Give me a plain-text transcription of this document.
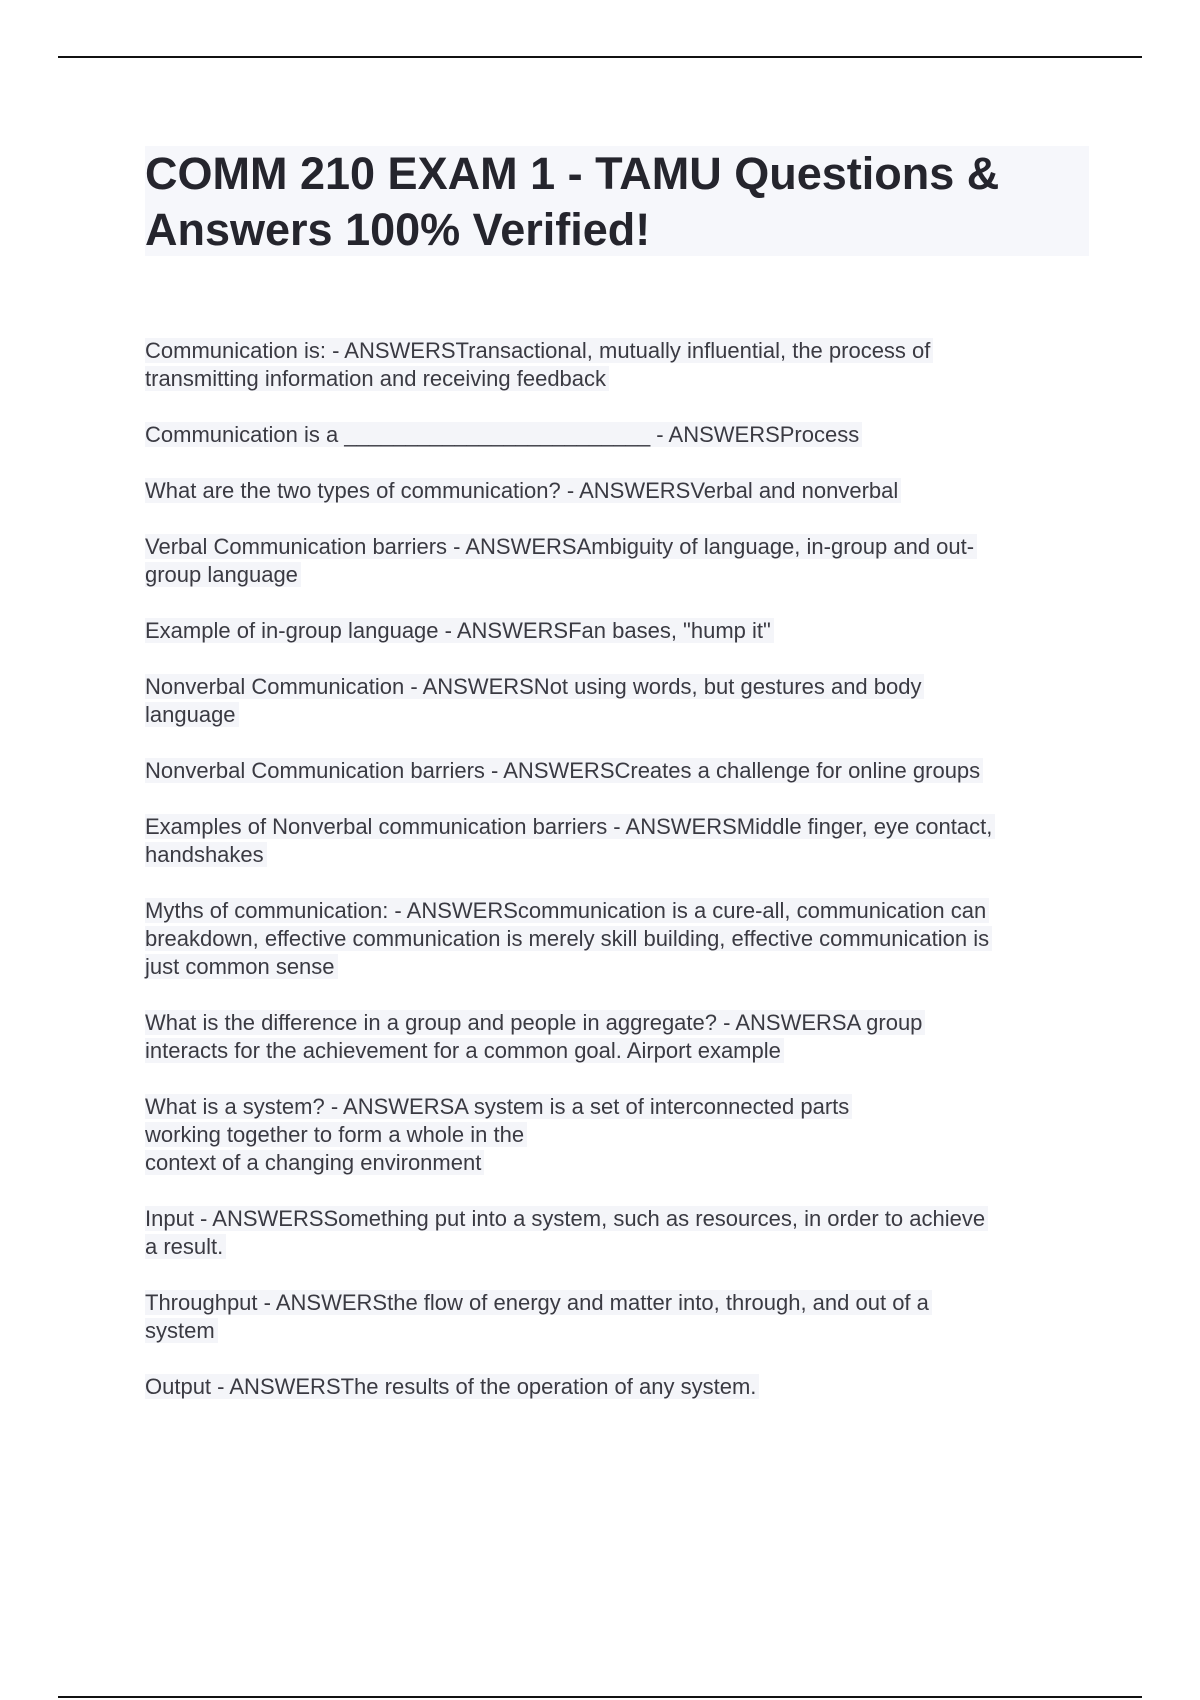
COMM 210 EXAM 1 - TAMU Questions & Answers 100% Verified!
Communication is: - ANSWERSTransactional, mutually influential, the process of
transmitting information and receiving feedback
Communication is a _________________________ - ANSWERSProcess
What are the two types of communication? - ANSWERSVerbal and nonverbal
Verbal Communication barriers - ANSWERSAmbiguity of language, in-group and out-
group language
Example of in-group language - ANSWERSFan bases, "hump it"
Nonverbal Communication - ANSWERSNot using words, but gestures and body
language
Nonverbal Communication barriers - ANSWERSCreates a challenge for online groups
Examples of Nonverbal communication barriers - ANSWERSMiddle finger, eye contact,
handshakes
Myths of communication: - ANSWERScommunication is a cure-all, communication can
breakdown, effective communication is merely skill building, effective communication is
just common sense
What is the difference in a group and people in aggregate? - ANSWERSA group
interacts for the achievement for a common goal. Airport example
What is a system? - ANSWERSA system is a set of interconnected parts
working together to form a whole in the
context of a changing environment
Input - ANSWERSSomething put into a system, such as resources, in order to achieve
a result.
Throughput - ANSWERSthe flow of energy and matter into, through, and out of a
system
Output - ANSWERSThe results of the operation of any system.
